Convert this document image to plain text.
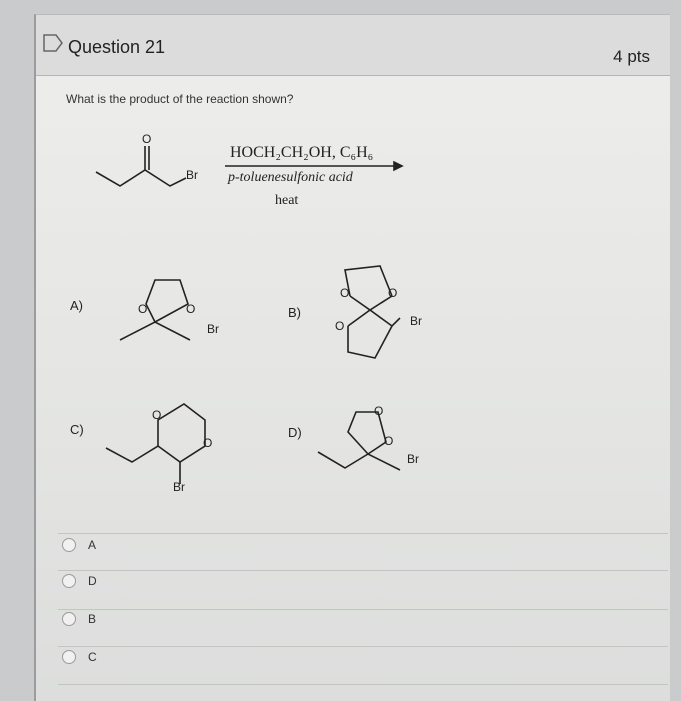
Question 21	4 pts
What is the product of the reaction shown?
O
Br
HOCH₂CH₂OH, C₆H₆
p-toluenesulfonic acid
heat
A)	O	O
Br
B)
O	O
O	Br
C)
O
O
Br
D)
O
O
Br
A
D
B
C
